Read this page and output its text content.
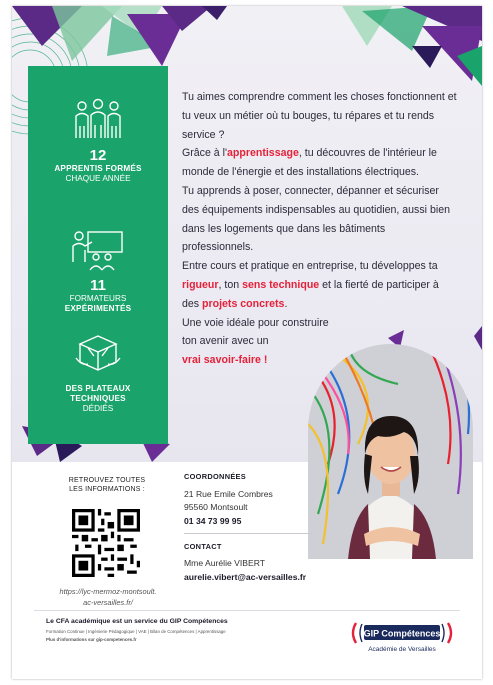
12
APPRENTIS FORMÉS
CHAQUE ANNÉE
11
FORMATEURS
EXPÉRIMENTÉS
DES PLATEAUX
TECHNIQUES
DÉDIÉS

Tu aimes comprendre comment les choses fonctionnent et tu veux un métier où tu bouges, tu répares et tu rends service ?

Grâce à l'apprentissage, tu découvres de l'intérieur le monde de l'énergie et des installations électriques.

Tu apprends à poser, connecter, dépanner et sécuriser des équipements indispensables au quotidien, aussi bien dans les logements que dans les bâtiments professionnels.

Entre cours et pratique en entreprise, tu développes ta rigueur, ton sens technique et la fierté de participer à des projets concrets.

Une voie idéale pour construire

ton avenir avec un

vrai savoir-faire !

RETROUVEZ TOUTES
LES INFORMATIONS :
https://lyc-mermoz-montsoult.
ac-versailles.fr/
COORDONNÉES
21 Rue Emile Combres
95560 Montsoult
01 34 73 99 95
CONTACT
Mme Aurélie VIBERT
aurelie.vibert@ac-versailles.fr
Le CFA académique est un service du GIP Compétences
Formation Continue | Ingénierie Pédagogique | VAE | Bilan de Compétences | Apprentissage
Plus d'informations sur gip-competences.fr
GIP Compétences
Académie de Versailles
